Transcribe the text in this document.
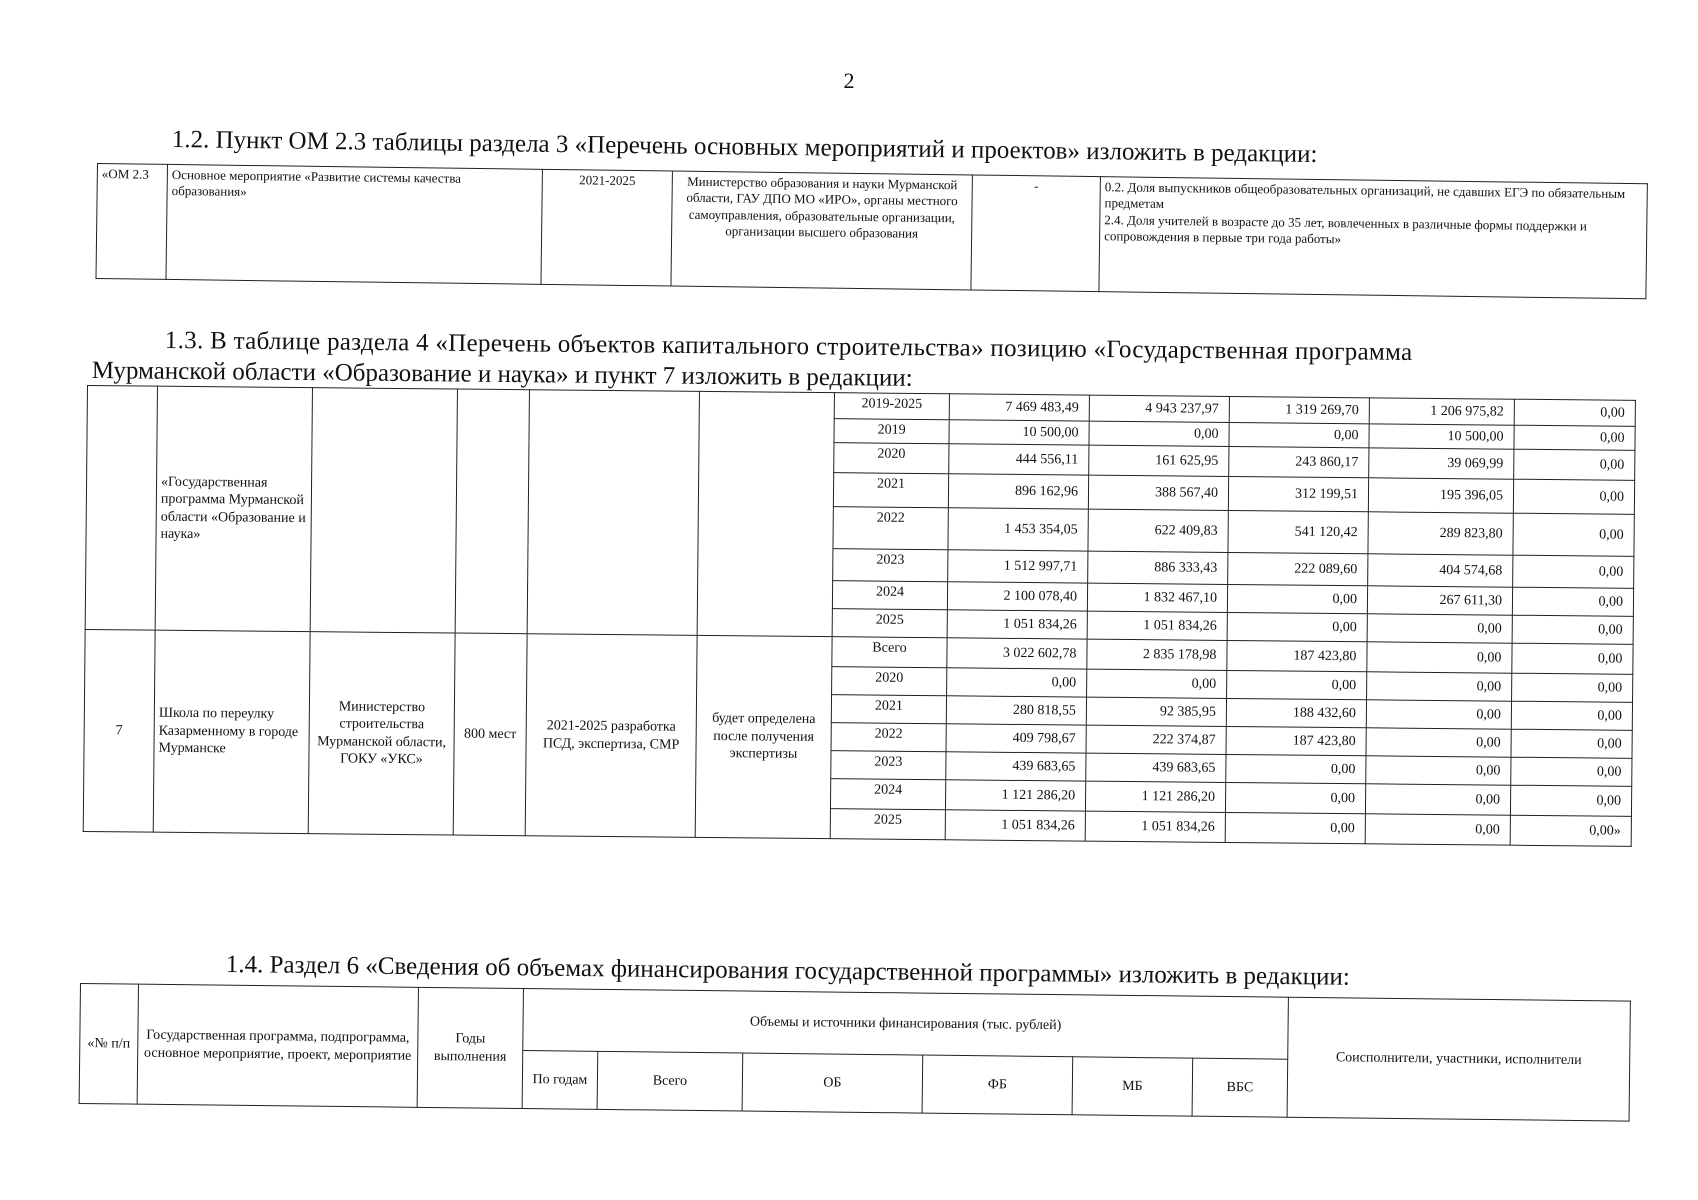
2
1.2. Пункт ОМ 2.3 таблицы раздела 3 «Перечень основных мероприятий и проектов» изложить в редакции:
«ОМ 2.3	Основное мероприятие «Развитие системы качества образования»	2021-2025	Министерство образования и науки Мурманской области, ГАУ ДПО МО «ИРО», органы местного самоуправления, образовательные организации, организации высшего образования	-	0.2. Доля выпускников общеобразовательных организаций, не сдавших ЕГЭ по обязательным предметам
2.4. Доля учителей в возрасте до 35 лет, вовлеченных в различные формы поддержки и сопровождения в первые три года работы»
1.3. В таблице раздела 4 «Перечень объектов капитального строительства» позицию «Государственная программа
Мурманской области «Образование и наука» и пункт 7 изложить в редакции:
	«Государственная программа Мурманской области «Образование и наука»					2019-2025	7 469 483,49	4 943 237,97	1 319 269,70	1 206 975,82	0,00
						2019	10 500,00	0,00	0,00	10 500,00	0,00
						2020	444 556,11	161 625,95	243 860,17	39 069,99	0,00
						2021	896 162,96	388 567,40	312 199,51	195 396,05	0,00
						2022	1 453 354,05	622 409,83	541 120,42	289 823,80	0,00
						2023	1 512 997,71	886 333,43	222 089,60	404 574,68	0,00
						2024	2 100 078,40	1 832 467,10	0,00	267 611,30	0,00
						2025	1 051 834,26	1 051 834,26	0,00	0,00	0,00
7	Школа по переулку Казарменному в городе Мурманске	Министерство строительства Мурманской области, ГОКУ «УКС»	800 мест	2021-2025 разработка ПСД, экспертиза, СМР	будет определена после получения экспертизы	Всего	3 022 602,78	2 835 178,98	187 423,80	0,00	0,00
						2020	0,00	0,00	0,00	0,00	0,00
						2021	280 818,55	92 385,95	188 432,60	0,00	0,00
						2022	409 798,67	222 374,87	187 423,80	0,00	0,00
						2023	439 683,65	439 683,65	0,00	0,00	0,00
						2024	1 121 286,20	1 121 286,20	0,00	0,00	0,00
						2025	1 051 834,26	1 051 834,26	0,00	0,00	0,00»
1.4. Раздел 6 «Сведения об объемах финансирования государственной программы» изложить в редакции:
«№ п/п	Государственная программа, подпрограмма, основное мероприятие, проект, мероприятие	Годы выполнения	Объемы и источники финансирования (тыс. рублей)						Соисполнители, участники, исполнители
			По годам	Всего	ОБ	ФБ	МБ	ВБС	
